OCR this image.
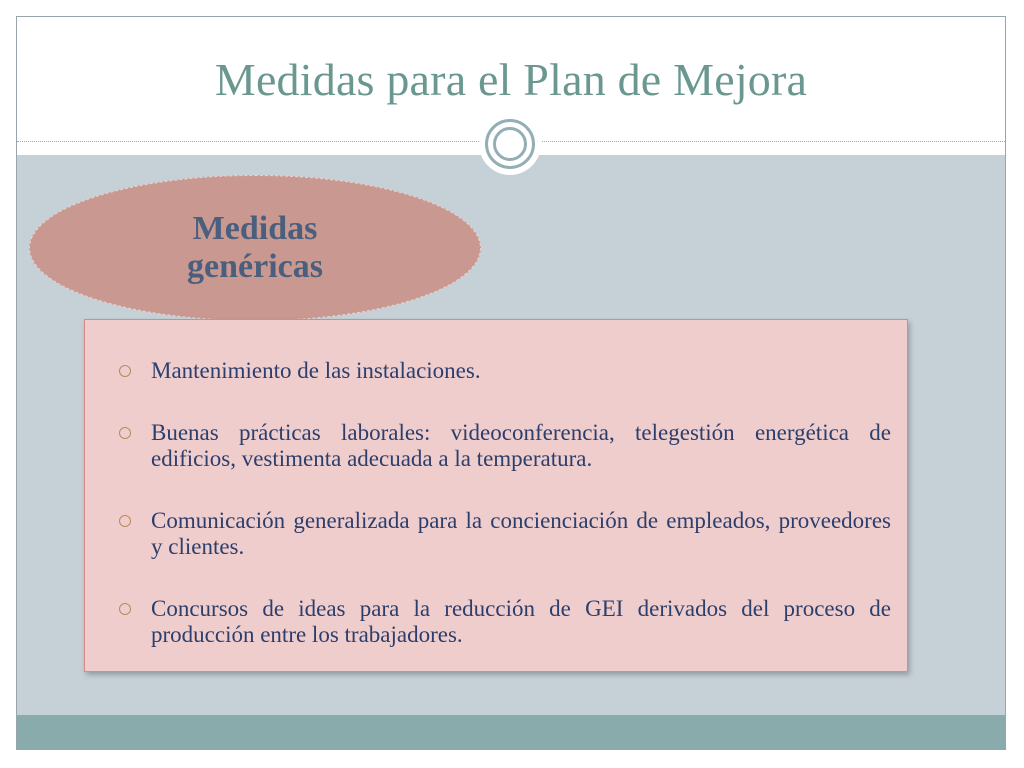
Medidas para el Plan de Mejora
Medidas genéricas
Mantenimiento de las instalaciones.
Buenas prácticas laborales: videoconferencia, telegestión energética de edificios, vestimenta adecuada a la temperatura.
Comunicación generalizada para la concienciación de empleados, proveedores y clientes.
Concursos de ideas para la reducción de GEI derivados del proceso de producción entre los trabajadores.
